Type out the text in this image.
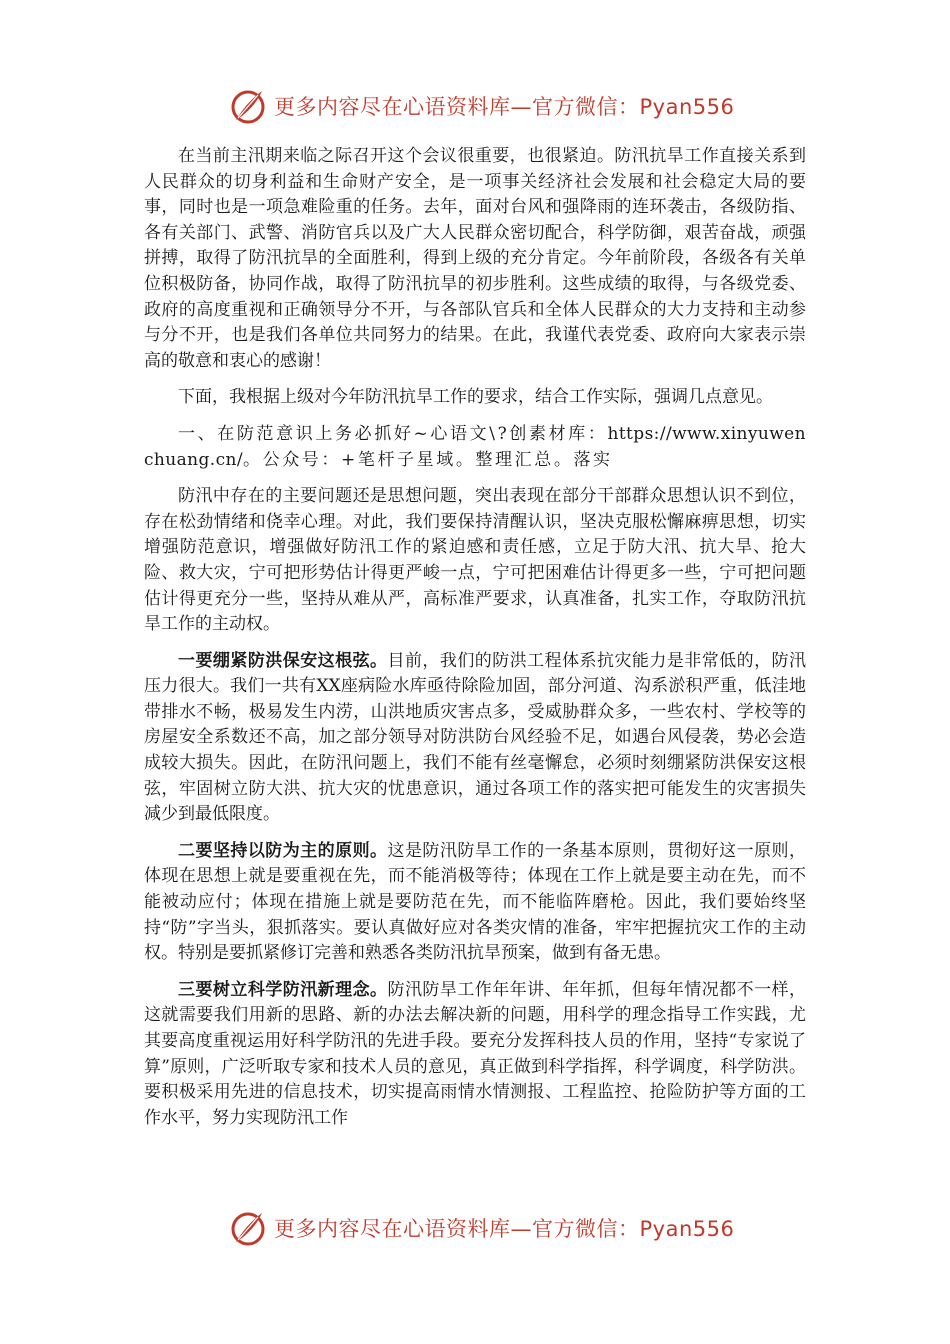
更多内容尽在心语资料库—官方微信：Pyan556

在当前主汛期来临之际召开这个会议很重要，也很紧迫。防汛抗旱工作直接关系到人民群众的切身利益和生命财产安全，是一项事关经济社会发展和社会稳定大局的要事，同时也是一项急难险重的任务。去年，面对台风和强降雨的连环袭击，各级防指、各有关部门、武警、消防官兵以及广大人民群众密切配合，科学防御，艰苦奋战，顽强拼搏，取得了防汛抗旱的全面胜利，得到上级的充分肯定。今年前阶段，各级各有关单位积极防备，协同作战，取得了防汛抗旱的初步胜利。这些成绩的取得，与各级党委、政府的高度重视和正确领导分不开，与各部队官兵和全体人民群众的大力支持和主动参与分不开，也是我们各单位共同努力的结果。在此，我谨代表党委、政府向大家表示崇高的敬意和衷心的感谢！

下面，我根据上级对今年防汛抗旱工作的要求，结合工作实际，强调几点意见。

一、在防范意识上务必抓好~心语文\?创素材库：https://www.xinyuwenchuang.cn/。公众号：+笔杆子星域。整理汇总。落实

防汛中存在的主要问题还是思想问题，突出表现在部分干部群众思想认识不到位，存在松劲情绪和侥幸心理。对此，我们要保持清醒认识，坚决克服松懈麻痹思想，切实增强防范意识，增强做好防汛工作的紧迫感和责任感，立足于防大汛、抗大旱、抢大险、救大灾，宁可把形势估计得更严峻一点，宁可把困难估计得更多一些，宁可把问题估计得更充分一些，坚持从难从严，高标准严要求，认真准备，扎实工作，夺取防汛抗旱工作的主动权。

一要绷紧防洪保安这根弦。目前，我们的防洪工程体系抗灾能力是非常低的，防汛压力很大。我们一共有XX座病险水库亟待除险加固，部分河道、沟系淤积严重，低洼地带排水不畅，极易发生内涝，山洪地质灾害点多，受威胁群众多，一些农村、学校等的房屋安全系数还不高，加之部分领导对防洪防台风经验不足，如遇台风侵袭，势必会造成较大损失。因此，在防汛问题上，我们不能有丝毫懈怠，必须时刻绷紧防洪保安这根弦，牢固树立防大洪、抗大灾的忧患意识，通过各项工作的落实把可能发生的灾害损失减少到最低限度。

二要坚持以防为主的原则。这是防汛防旱工作的一条基本原则，贯彻好这一原则，体现在思想上就是要重视在先，而不能消极等待；体现在工作上就是要主动在先，而不能被动应付；体现在措施上就是要防范在先，而不能临阵磨枪。因此，我们要始终坚持“防”字当头，狠抓落实。要认真做好应对各类灾情的准备，牢牢把握抗灾工作的主动权。特别是要抓紧修订完善和熟悉各类防汛抗旱预案，做到有备无患。

三要树立科学防汛新理念。防汛防旱工作年年讲、年年抓，但每年情况都不一样，这就需要我们用新的思路、新的办法去解决新的问题，用科学的理念指导工作实践，尤其要高度重视运用好科学防汛的先进手段。要充分发挥科技人员的作用，坚持“专家说了算”原则，广泛听取专家和技术人员的意见，真正做到科学指挥，科学调度，科学防洪。要积极采用先进的信息技术，切实提高雨情水情测报、工程监控、抢险防护等方面的工作水平，努力实现防汛工作

更多内容尽在心语资料库—官方微信：Pyan556
